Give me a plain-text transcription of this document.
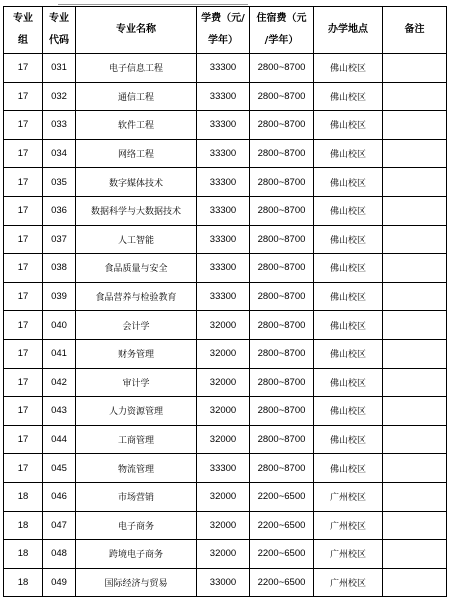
专业
组	专业
代码	专业名称	学费（元/
学年）	住宿费（元
/学年）	办学地点	备注
17	031	电子信息工程	33300	2800~8700	佛山校区	
17	032	通信工程	33300	2800~8700	佛山校区	
17	033	软件工程	33300	2800~8700	佛山校区	
17	034	网络工程	33300	2800~8700	佛山校区	
17	035	数字媒体技术	33300	2800~8700	佛山校区	
17	036	数据科学与大数据技术	33300	2800~8700	佛山校区	
17	037	人工智能	33300	2800~8700	佛山校区	
17	038	食品质量与安全	33300	2800~8700	佛山校区	
17	039	食品营养与检验教育	33300	2800~8700	佛山校区	
17	040	会计学	32000	2800~8700	佛山校区	
17	041	财务管理	32000	2800~8700	佛山校区	
17	042	审计学	32000	2800~8700	佛山校区	
17	043	人力资源管理	32000	2800~8700	佛山校区	
17	044	工商管理	32000	2800~8700	佛山校区	
17	045	物流管理	33300	2800~8700	佛山校区	
18	046	市场营销	32000	2200~6500	广州校区	
18	047	电子商务	32000	2200~6500	广州校区	
18	048	跨境电子商务	32000	2200~6500	广州校区	
18	049	国际经济与贸易	33000	2200~6500	广州校区	
